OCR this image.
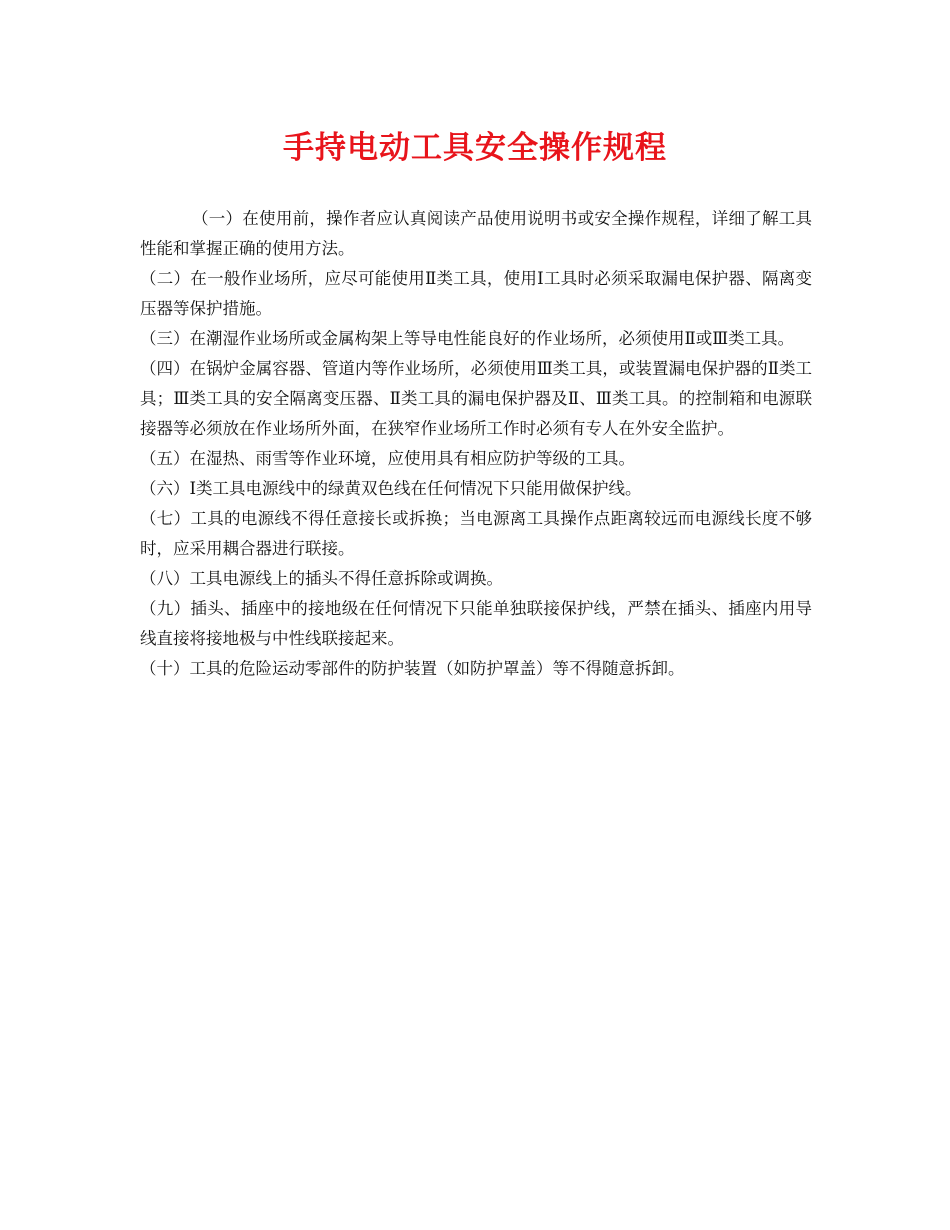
手持电动工具安全操作规程

（一）在使用前，操作者应认真阅读产品使用说明书或安全操作规程，详细了解工具性能和掌握正确的使用方法。

（二）在一般作业场所，应尽可能使用Ⅱ类工具，使用Ⅰ工具时必须采取漏电保护器、隔离变压器等保护措施。

（三）在潮湿作业场所或金属构架上等导电性能良好的作业场所，必须使用Ⅱ或Ⅲ类工具。

（四）在锅炉金属容器、管道内等作业场所，必须使用Ⅲ类工具，或装置漏电保护器的Ⅱ类工具；Ⅲ类工具的安全隔离变压器、Ⅱ类工具的漏电保护器及Ⅱ、Ⅲ类工具。的控制箱和电源联接器等必须放在作业场所外面，在狭窄作业场所工作时必须有专人在外安全监护。

（五）在湿热、雨雪等作业环境，应使用具有相应防护等级的工具。

（六）Ⅰ类工具电源线中的绿黄双色线在任何情况下只能用做保护线。

（七）工具的电源线不得任意接长或拆换；当电源离工具操作点距离较远而电源线长度不够时，应采用耦合器进行联接。

（八）工具电源线上的插头不得任意拆除或调换。

（九）插头、插座中的接地级在任何情况下只能单独联接保护线，严禁在插头、插座内用导线直接将接地极与中性线联接起来。

（十）工具的危险运动零部件的防护装置（如防护罩盖）等不得随意拆卸。
